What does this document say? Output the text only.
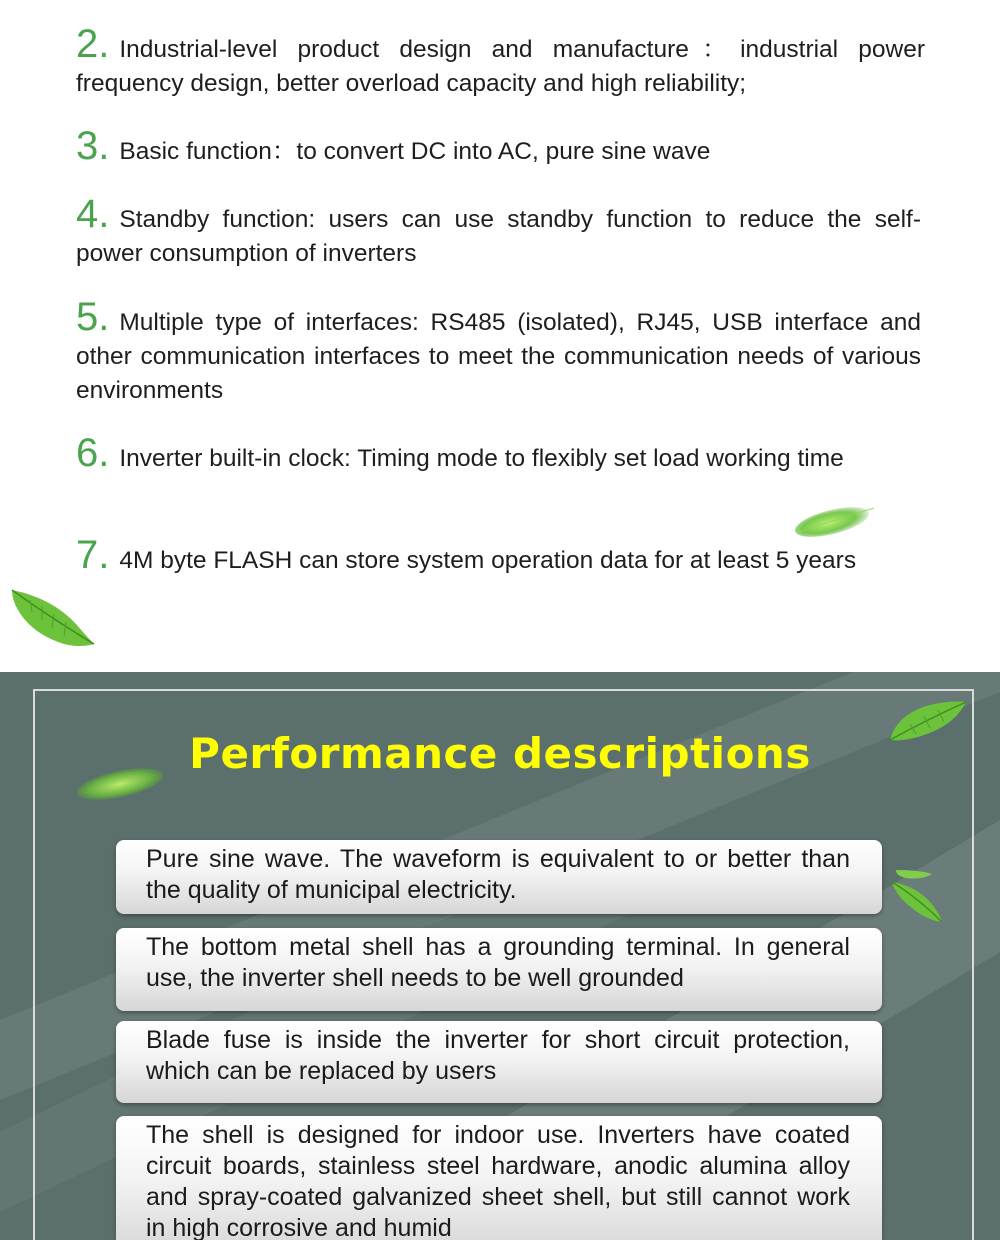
2. Industrial-level product design and manufacture：industrial power frequency design, better overload capacity and high reliability;
3. Basic function：to convert DC into AC, pure sine wave
4. Standby function: users can use standby function to reduce the self-power consumption of inverters
5. Multiple type of interfaces: RS485 (isolated), RJ45, USB interface and other communication interfaces to meet the communication needs of various environments
6. Inverter built-in clock: Timing mode to flexibly set load working time
7. 4M byte FLASH can store system operation data for at least 5 years
Performance descriptions
Pure sine wave. The waveform is equivalent to or better than the quality of municipal electricity.
The bottom metal shell has a grounding terminal. In general use, the inverter shell needs to be well grounded
Blade fuse is inside the inverter for short circuit protection, which can be replaced by users
The shell is designed for indoor use. Inverters have coated circuit boards, stainless steel hardware, anodic alumina alloy and spray-coated galvanized sheet shell, but still cannot work in high corrosive and humid
